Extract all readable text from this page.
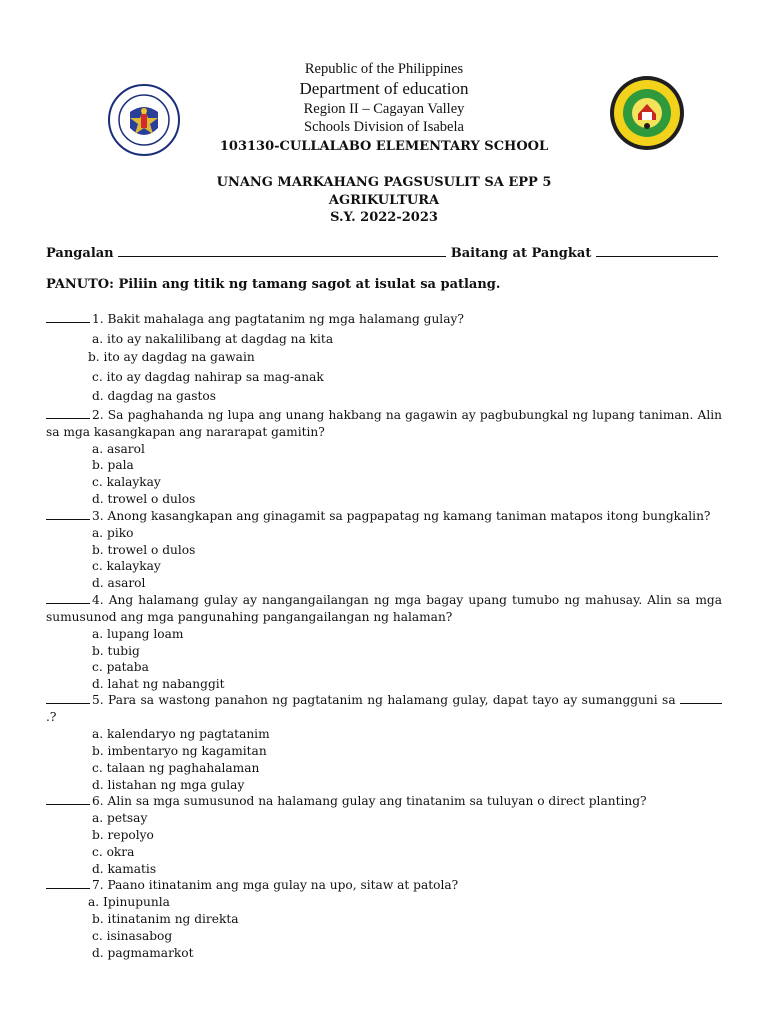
Republic of the Philippines
Department of education
Region II – Cagayan Valley
Schools Division of Isabela
103130-CULLALABO ELEMENTARY SCHOOL
UNANG MARKAHANG PAGSUSULIT SA EPP 5
AGRIKULTURA
S.Y. 2022-2023
Pangalan	Baitang at Pangkat
PANUTO: Piliin ang titik ng tamang sagot at isulat sa patlang.
1. Bakit mahalaga ang pagtatanim ng mga halamang gulay?
a. ito ay nakalilibang at dagdag na kita
b. ito ay dagdag na gawain
c. ito ay dagdag nahirap sa mag-anak
d. dagdag na gastos
2. Sa paghahanda ng lupa ang unang hakbang na gagawin ay pagbubungkal ng lupang taniman. Alin sa mga kasangkapan ang nararapat gamitin?
a. asarol
b. pala
c. kalaykay
d. trowel o dulos
3. Anong kasangkapan ang ginagamit sa pagpapatag ng kamang taniman matapos itong bungkalin?
a. piko
b. trowel o dulos
c. kalaykay
d. asarol
4. Ang halamang gulay ay nangangailangan ng mga bagay upang tumubo ng mahusay. Alin sa mga sumusunod ang mga pangunahing pangangailangan ng halaman?
a. lupang loam
b. tubig
c. pataba
d. lahat ng nabanggit
5. Para sa wastong panahon ng pagtatanim ng halamang gulay, dapat tayo ay sumangguni sa .?
a. kalendaryo ng pagtatanim
b. imbentaryo ng kagamitan
c. talaan ng paghahalaman
d. listahan ng mga gulay
6. Alin sa mga sumusunod na halamang gulay ang tinatanim sa tuluyan o direct planting?
a. petsay
b. repolyo
c. okra
d. kamatis
7. Paano itinatanim ang mga gulay na upo, sitaw at patola?
a. Ipinupunla
b. itinatanim ng direkta
c. isinasabog
d. pagmamarkot
